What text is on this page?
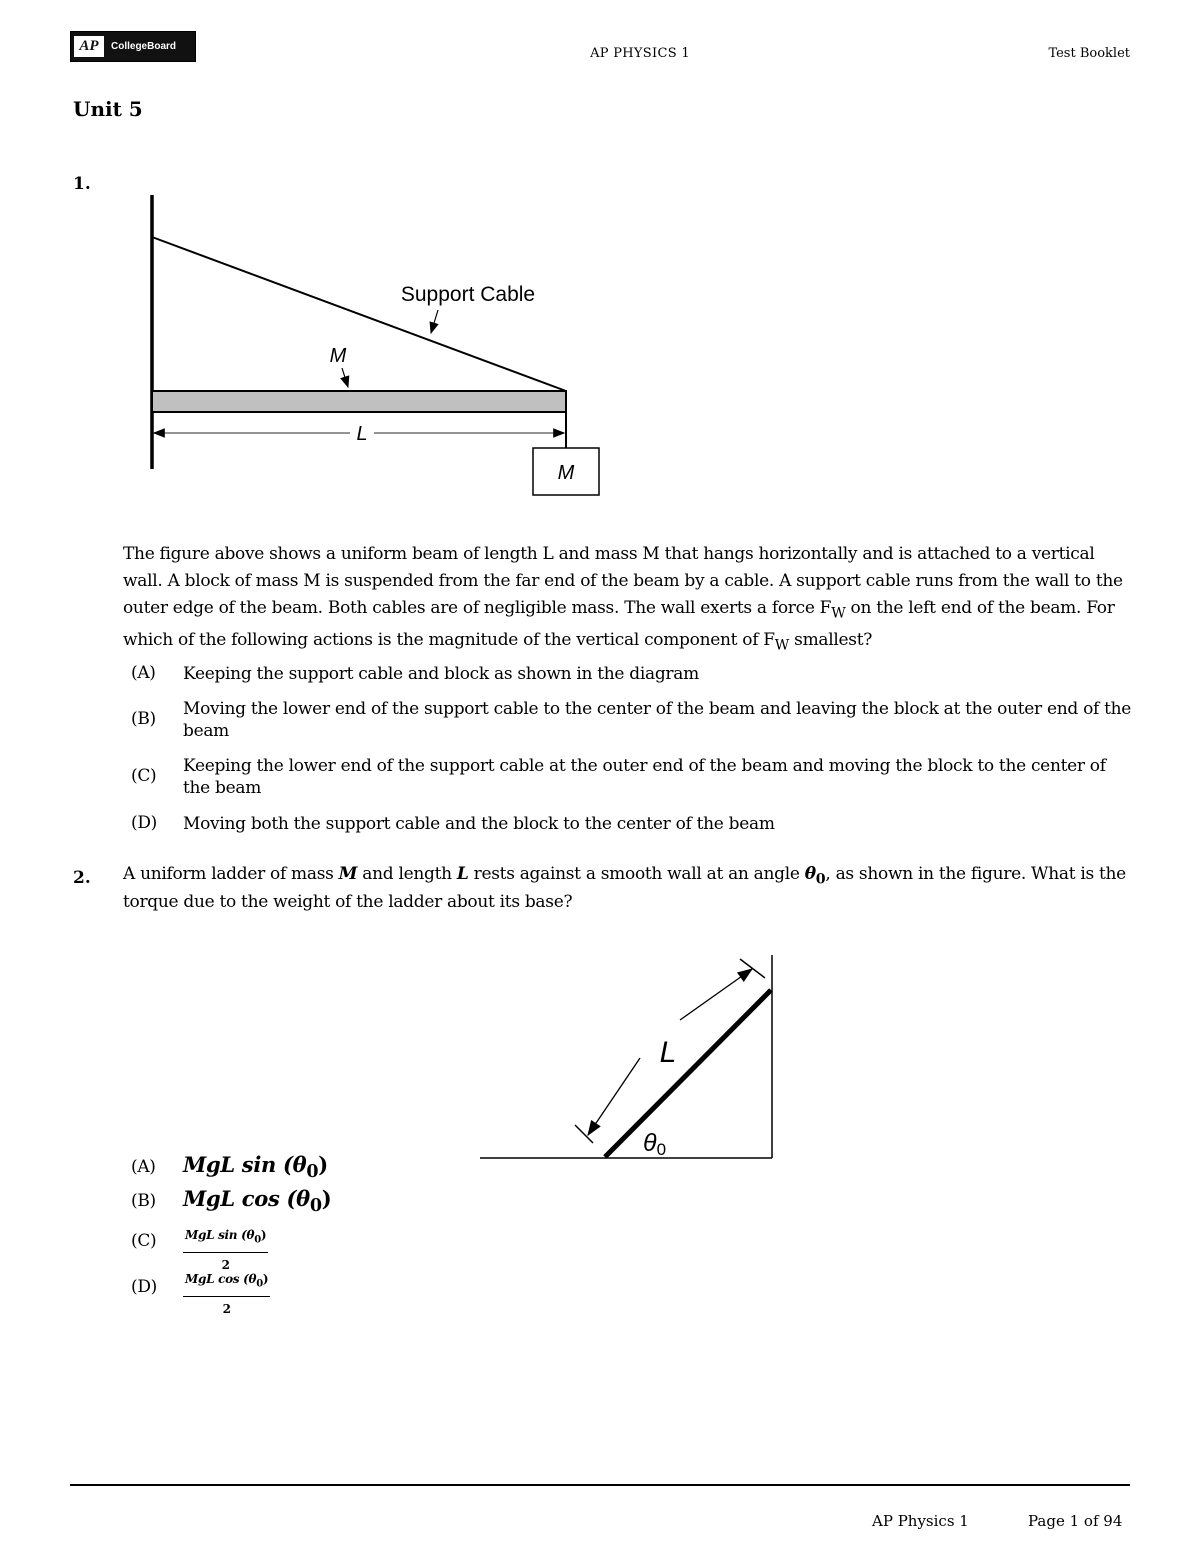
AP	CollegeBoard	AP PHYSICS 1	Test Booklet
Unit 5
1.
L
M
M
Support Cable
The figure above shows a uniform beam of length L and mass M that hangs horizontally and is attached to a vertical wall. A block of mass M is suspended from the far end of the beam by a cable. A support cable runs from the wall to the outer edge of the beam. Both cables are of negligible mass. The wall exerts a force $F_W$ on the left end of the beam. For which of the following actions is the magnitude of the vertical component of $F_W$ smallest?
(A)	Keeping the support cable and block as shown in the diagram
(B)	Moving the lower end of the support cable to the center of the beam and leaving the block at the outer end of the beam
(C)	Keeping the lower end of the support cable at the outer end of the beam and moving the block to the center of the beam
(D)	Moving both the support cable and the block to the center of the beam
2. A uniform ladder of mass M and length L rests against a smooth wall at an angle $\theta_0$, as shown in the figure. What is the torque due to the weight of the ladder about its base?
L
θ0
(A)	MgL $\sin (\theta_0)$
(B)	MgL $\cos (\theta_0)$
(C)	$\frac{MgL \sin (\theta_0)}{2}$
(D)	$\frac{MgL \cos (\theta_0)}{2}$
AP Physics 1	Page 1 of 94
